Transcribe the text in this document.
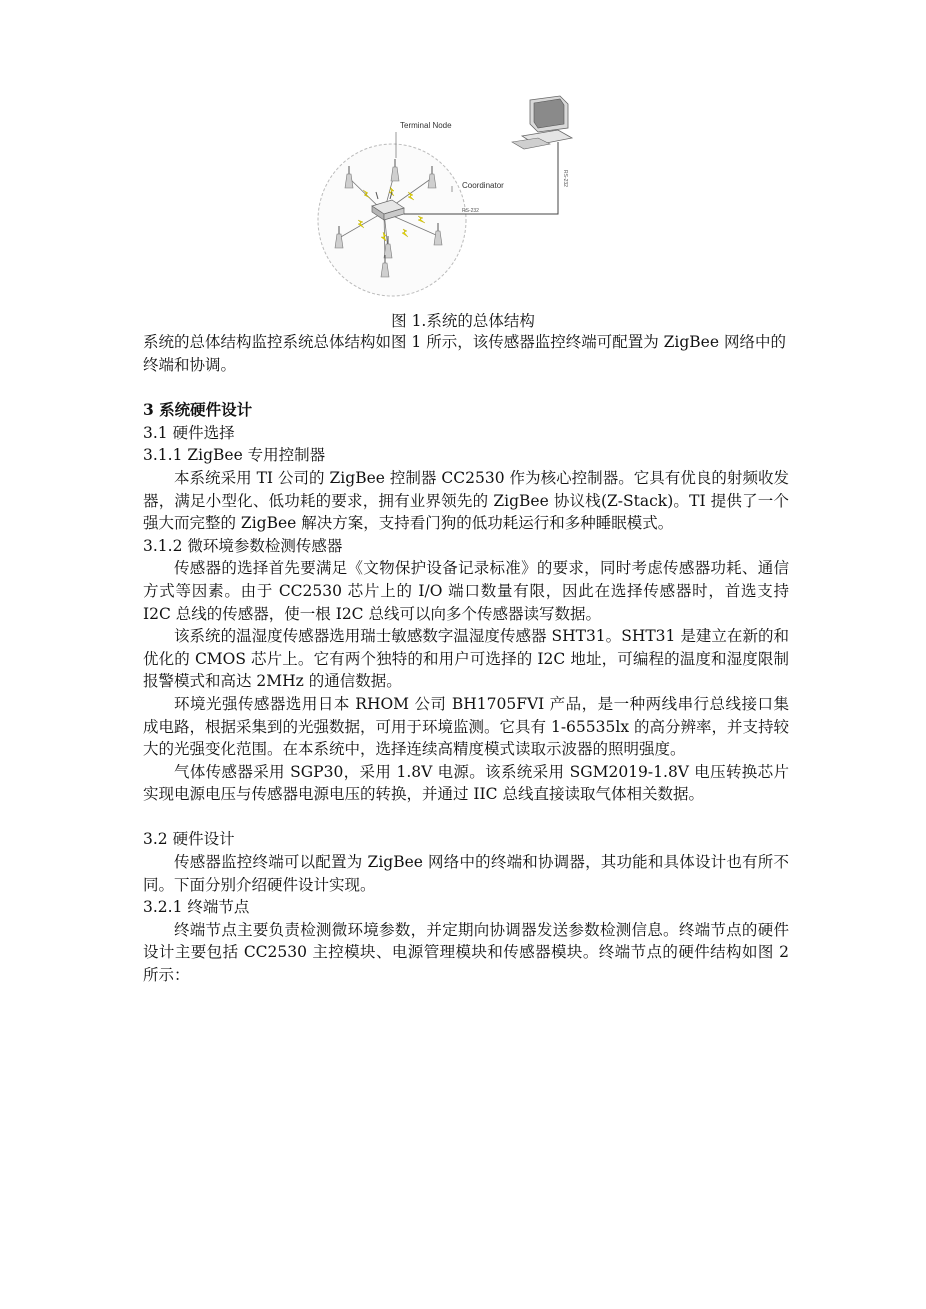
RS-232
RS-232
Terminal Node
Coordinator
图 1.系统的总体结构

系统的总体结构监控系统总体结构如图 1 所示，该传感器监控终端可配置为 ZigBee 网络中的终端和协调。

3 系统硬件设计
3.1 硬件选择
3.1.1 ZigBee 专用控制器

本系统采用 TI 公司的 ZigBee 控制器 CC2530 作为核心控制器。它具有优良的射频收发器，满足小型化、低功耗的要求，拥有业界领先的 ZigBee 协议栈(Z-Stack)。TI 提供了一个强大而完整的 ZigBee 解决方案，支持看门狗的低功耗运行和多种睡眠模式。

3.1.2 微环境参数检测传感器

传感器的选择首先要满足《文物保护设备记录标准》的要求，同时考虑传感器功耗、通信方式等因素。由于 CC2530 芯片上的 I/O 端口数量有限，因此在选择传感器时，首选支持 I2C 总线的传感器，使一根 I2C 总线可以向多个传感器读写数据。

该系统的温湿度传感器选用瑞士敏感数字温湿度传感器 SHT31。SHT31 是建立在新的和优化的 CMOS 芯片上。它有两个独特的和用户可选择的 I2C 地址，可编程的温度和湿度限制报警模式和高达 2MHz 的通信数据。

环境光强传感器选用日本 RHOM 公司 BH1705FVI 产品，是一种两线串行总线接口集成电路，根据采集到的光强数据，可用于环境监测。它具有 1-65535lx 的高分辨率，并支持较大的光强变化范围。在本系统中，选择连续高精度模式读取示波器的照明强度。

气体传感器采用 SGP30，采用 1.8V 电源。该系统采用 SGM2019-1.8V 电压转换芯片实现电源电压与传感器电源电压的转换，并通过 IIC 总线直接读取气体相关数据。

3.2 硬件设计

传感器监控终端可以配置为 ZigBee 网络中的终端和协调器，其功能和具体设计也有所不同。下面分别介绍硬件设计实现。

3.2.1 终端节点

终端节点主要负责检测微环境参数，并定期向协调器发送参数检测信息。终端节点的硬件设计主要包括 CC2530 主控模块、电源管理模块和传感器模块。终端节点的硬件结构如图 2 所示：
